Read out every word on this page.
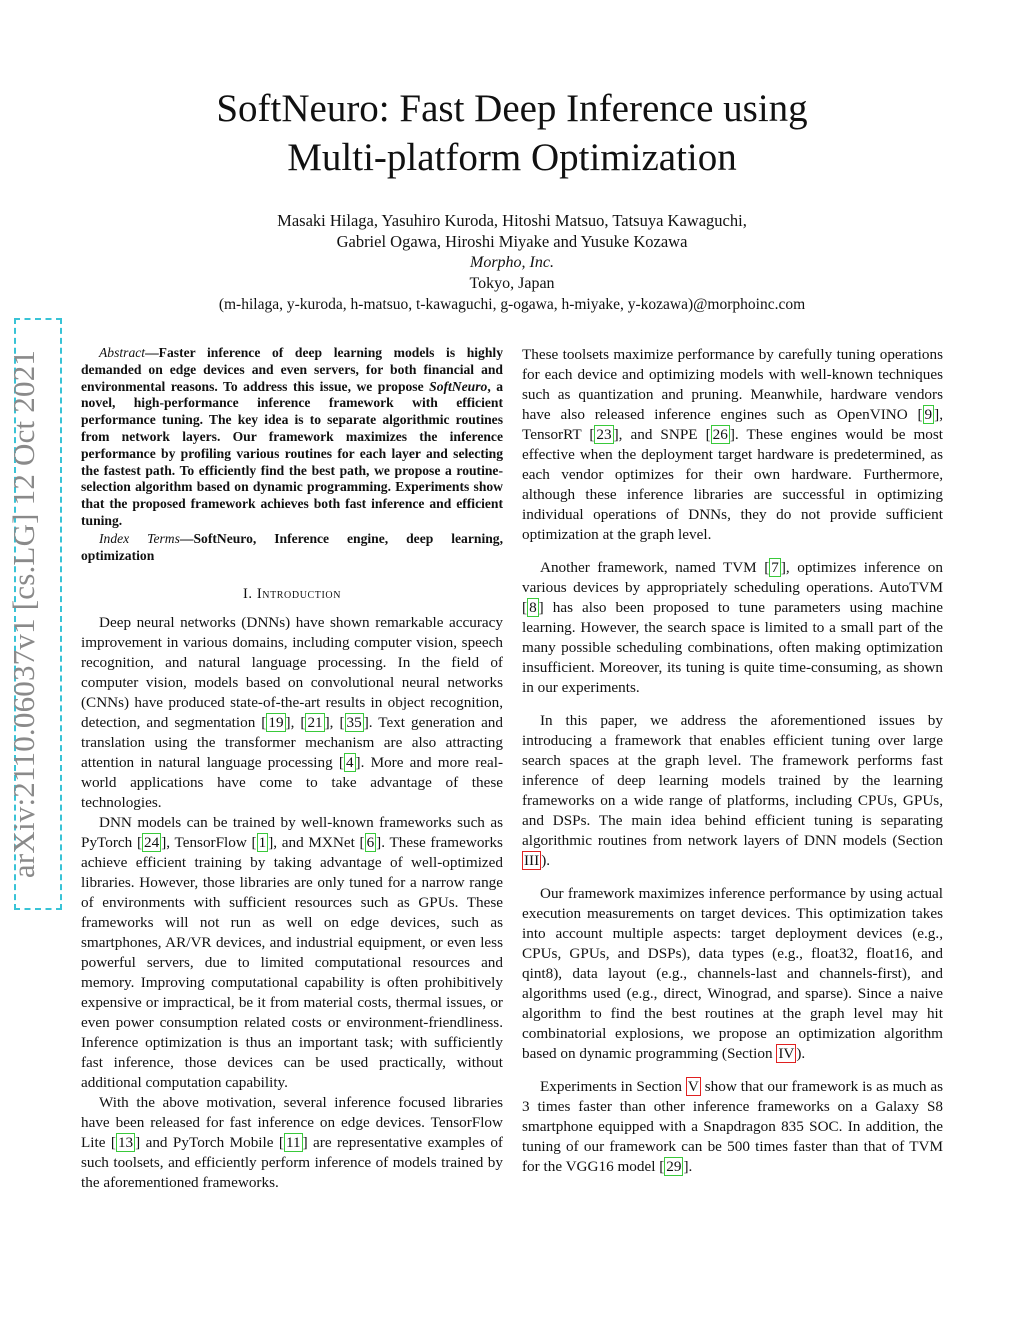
arXiv:2110.06037v1 [cs.LG] 12 Oct 2021
SoftNeuro: Fast Deep Inference using
Multi-platform Optimization
Masaki Hilaga, Yasuhiro Kuroda, Hitoshi Matsuo, Tatsuya Kawaguchi,
Gabriel Ogawa, Hiroshi Miyake and Yusuke Kozawa
Morpho, Inc.
Tokyo, Japan
(m-hilaga, y-kuroda, h-matsuo, t-kawaguchi, g-ogawa, h-miyake, y-kozawa)@morphoinc.com

Abstract—Faster inference of deep learning models is highly demanded on edge devices and even servers, for both financial and environmental reasons. To address this issue, we propose SoftNeuro, a novel, high-performance inference framework with efficient performance tuning. The key idea is to separate algorithmic routines from network layers. Our framework maximizes the inference performance by profiling various routines for each layer and selecting the fastest path. To efficiently find the best path, we propose a routine-selection algorithm based on dynamic programming. Experiments show that the proposed framework achieves both fast inference and efficient tuning.

Index Terms—SoftNeuro, Inference engine, deep learning, optimization

I. Introduction

Deep neural networks (DNNs) have shown remarkable accuracy improvement in various domains, including computer vision, speech recognition, and natural language processing. In the field of computer vision, models based on convolutional neural networks (CNNs) have produced state-of-the-art results in object recognition, detection, and segmentation [ 19 ], [ 21 ], [ 35 ]. Text generation and translation using the transformer mechanism are also attracting attention in natural language processing [ 4 ]. More and more real-world applications have come to take advantage of these technologies.

DNN models can be trained by well-known frameworks such as PyTorch [ 24 ], TensorFlow [ 1 ], and MXNet [ 6 ]. These frameworks achieve efficient training by taking advantage of well-optimized libraries. However, those libraries are only tuned for a narrow range of environments with sufficient resources such as GPUs. These frameworks will not run as well on edge devices, such as smartphones, AR/VR devices, and industrial equipment, or even less powerful servers, due to limited computational resources and memory. Improving computational capability is often prohibitively expensive or impractical, be it from material costs, thermal issues, or even power consumption related costs or environment-friendliness. Inference optimization is thus an important task; with sufficiently fast inference, those devices can be used practically, without additional computation capability.

With the above motivation, several inference focused libraries have been released for fast inference on edge devices. TensorFlow Lite [ 13 ] and PyTorch Mobile [ 11 ] are representative examples of such toolsets, and efficiently perform inference of models trained by the aforementioned frameworks.

These toolsets maximize performance by carefully tuning operations for each device and optimizing models with well-known techniques such as quantization and pruning. Meanwhile, hardware vendors have also released inference engines such as OpenVINO [ 9 ], TensorRT [ 23 ], and SNPE [ 26 ]. These engines would be most effective when the deployment target hardware is predetermined, as each vendor optimizes for their own hardware. Furthermore, although these inference libraries are successful in optimizing individual operations of DNNs, they do not provide sufficient optimization at the graph level.

Another framework, named TVM [ 7 ], optimizes inference on various devices by appropriately scheduling operations. AutoTVM [ 8 ] has also been proposed to tune parameters using machine learning. However, the search space is limited to a small part of the many possible scheduling combinations, often making optimization insufficient. Moreover, its tuning is quite time-consuming, as shown in our experiments.

In this paper, we address the aforementioned issues by introducing a framework that enables efficient tuning over large search spaces at the graph level. The framework performs fast inference of deep learning models trained by the learning frameworks on a wide range of platforms, including CPUs, GPUs, and DSPs. The main idea behind efficient tuning is separating algorithmic routines from network layers of DNN models (Section III ).

Our framework maximizes inference performance by using actual execution measurements on target devices. This optimization takes into account multiple aspects: target deployment devices (e.g., CPUs, GPUs, and DSPs), data types (e.g., float32, float16, and qint8), data layout (e.g., channels-last and channels-first), and algorithms used (e.g., direct, Winograd, and sparse). Since a naive algorithm to find the best routines at the graph level may hit combinatorial explosions, we propose an optimization algorithm based on dynamic programming (Section IV ).

Experiments in Section V show that our framework is as much as 3 times faster than other inference frameworks on a Galaxy S8 smartphone equipped with a Snapdragon 835 SOC. In addition, the tuning of our framework can be 500 times faster than that of TVM for the VGG16 model [ 29 ].
